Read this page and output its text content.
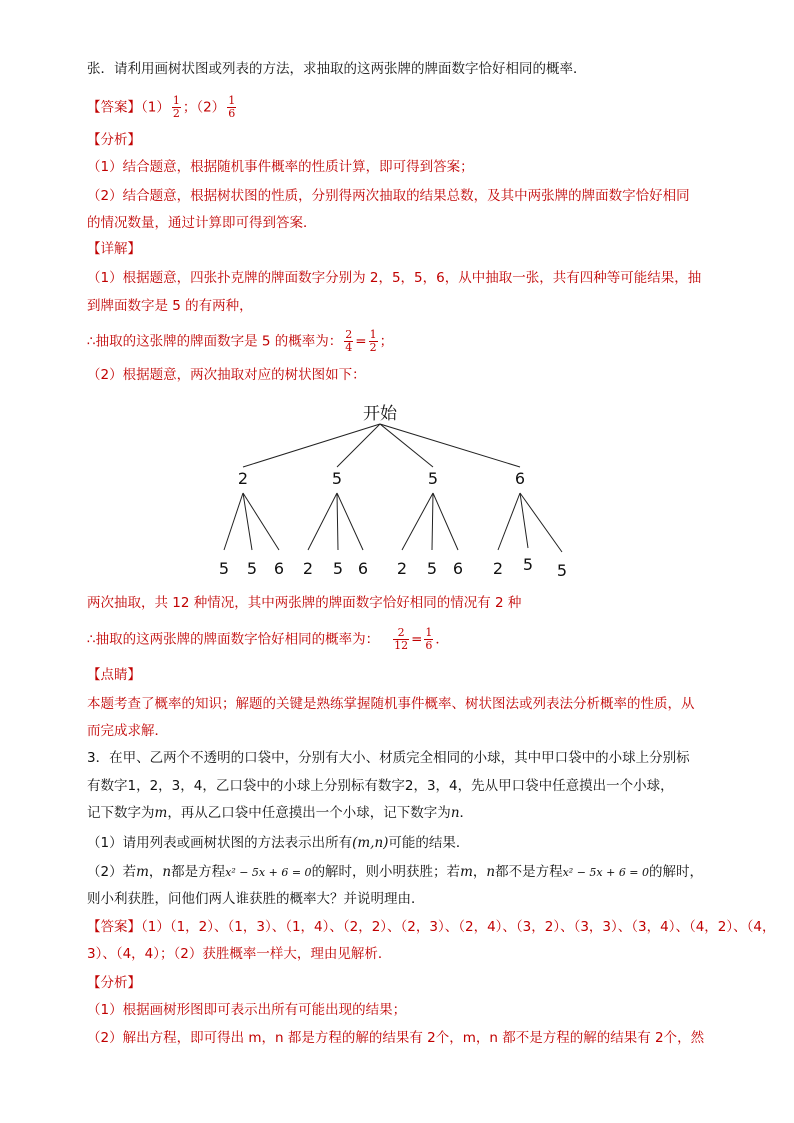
张．请利用画树状图或列表的方法，求抽取的这两张牌的牌面数字恰好相同的概率．
【答案】$(1) \frac{1}{2}$ ；$(2) \frac{1}{6}$
【分析】
（1）结合题意，根据随机事件概率的性质计算，即可得到答案；
（2）结合题意，根据树状图的性质，分别得两次抽取的结果总数，及其中两张牌的牌面数字恰好相同
的情况数量，通过计算即可得到答案．
【详解】
（1）根据题意，四张扑克牌的牌面数字分别为 2，5，5，6，从中抽取一张，共有四种等可能结果，抽
到牌面数字是 5 的有两种，
∴抽取的这张牌的牌面数字是 5 的概率为： $\frac{2}{4} = \frac{1}{2}$ ；
（2）根据题意，两次抽取对应的树状图如下：
开始
2	5	5	6
5 5 6 2 5 6 2 5 6 2 5 5
两次抽取，共 12 种情况，其中两张牌的牌面数字恰好相同的情况有 2 种
∴抽取的这两张牌的牌面数字恰好相同的概率为： $\frac{2}{12} = \frac{1}{6}$ ．
【点睛】
本题考查了概率的知识；解题的关键是熟练掌握随机事件概率、树状图法或列表法分析概率的性质，从
而完成求解．
3．在甲、乙两个不透明的口袋中，分别有大小、材质完全相同的小球，其中甲口袋中的小球上分别标
有数字1，2，3，4，乙口袋中的小球上分别标有数字2，3，4，先从甲口袋中任意摸出一个小球，
记下数字为m，再从乙口袋中任意摸出一个小球，记下数字为n．
（1）请用列表或画树状图的方法表示出所有(m,n)可能的结果．
（2）若m，n都是方程x² − 5x + 6 = 0的解时，则小明获胜；若m，n都不是方程x² − 5x + 6 = 0的解时，
则小利获胜，问他们两人谁获胜的概率大？并说明理由．
【答案】（1）（1，2）、（1，3）、（1，4）、（2，2）、（2，3）、（2，4）、（3，2）、（3，3）、（3，4）、（4，2）、（4，
3）、（4，4）；（2）获胜概率一样大，理由见解析．
【分析】
（1）根据画树形图即可表示出所有可能出现的结果；
（2）解出方程，即可得出 m，n 都是方程的解的结果有 2个，m，n 都不是方程的解的结果有 2个，然
